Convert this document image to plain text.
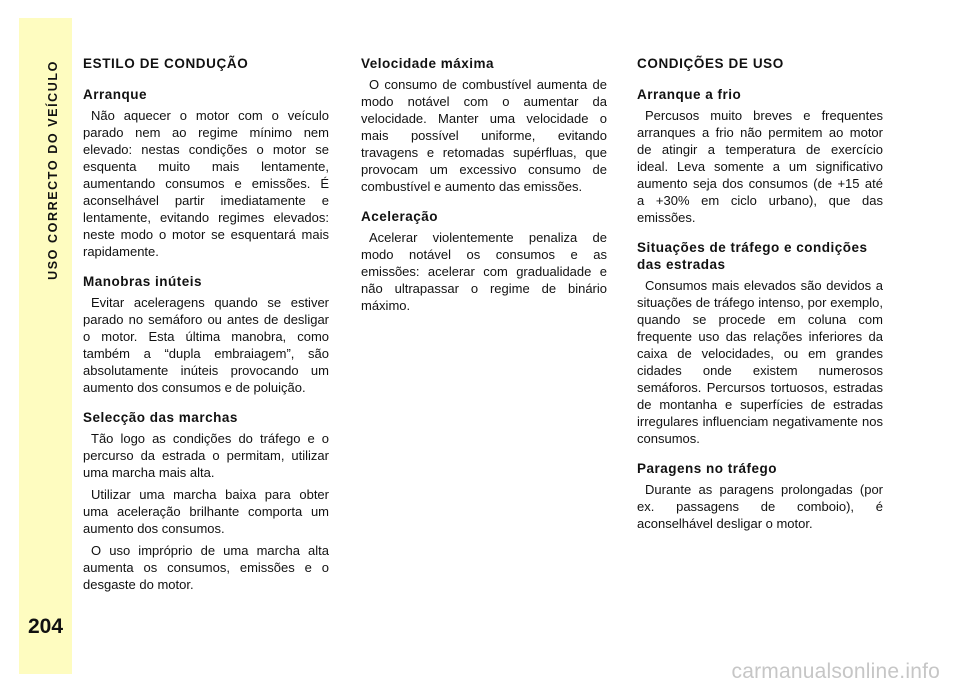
USO CORRECTO DO VEÍCULO
204
ESTILO DE CONDUÇÃO
Arranque

Não aquecer o motor com o veículo parado nem ao regime mínimo nem elevado: nestas condições o motor se esquenta muito mais lentamente, aumentando consumos e emissões. É aconselhável partir imediatamente e lentamente, evitando regimes elevados: neste modo o motor se esquentará mais rapidamente.

Manobras inúteis

Evitar aceleragens quando se estiver parado no semáforo ou antes de desligar o motor. Esta última manobra, como também a “dupla embraiagem”, são absolutamente inúteis provocando um aumento dos consumos e de poluição.

Selecção das marchas

Tão logo as condições do tráfego e o percurso da estrada o permitam, utilizar uma marcha mais alta.

Utilizar uma marcha baixa para obter uma aceleração brilhante comporta um aumento dos consumos.

O uso impróprio de uma marcha alta aumenta os consumos, emissões e o desgaste do motor.

Velocidade máxima

O consumo de combustível aumenta de modo notável com o aumentar da velocidade. Manter uma velocidade o mais possível uniforme, evitando travagens e retomadas supérfluas, que provocam um excessivo consumo de combustível e aumento das emissões.

Aceleração

Acelerar violentemente penaliza de modo notável os consumos e as emissões: acelerar com gradualidade e não ultrapassar o regime de binário máximo.

CONDIÇÕES DE USO
Arranque a frio

Percusos muito breves e frequentes arranques a frio não permitem ao motor de atingir a temperatura de exercício ideal. Leva somente a um significativo aumento seja dos consumos (de +15 até a +30% em ciclo urbano), que das emissões.

Situações de tráfego e condições das estradas

Consumos mais elevados são devidos a situações de tráfego intenso, por exemplo, quando se procede em coluna com frequente uso das relações inferiores da caixa de velocidades, ou em grandes cidades onde existem numerosos semáforos. Percursos tortuosos, estradas de montanha e superfícies de estradas irregulares influenciam negativamente nos consumos.

Paragens no tráfego

Durante as paragens prolongadas (por ex. passagens de comboio), é aconselhável desligar o motor.

carmanualsonline.info
